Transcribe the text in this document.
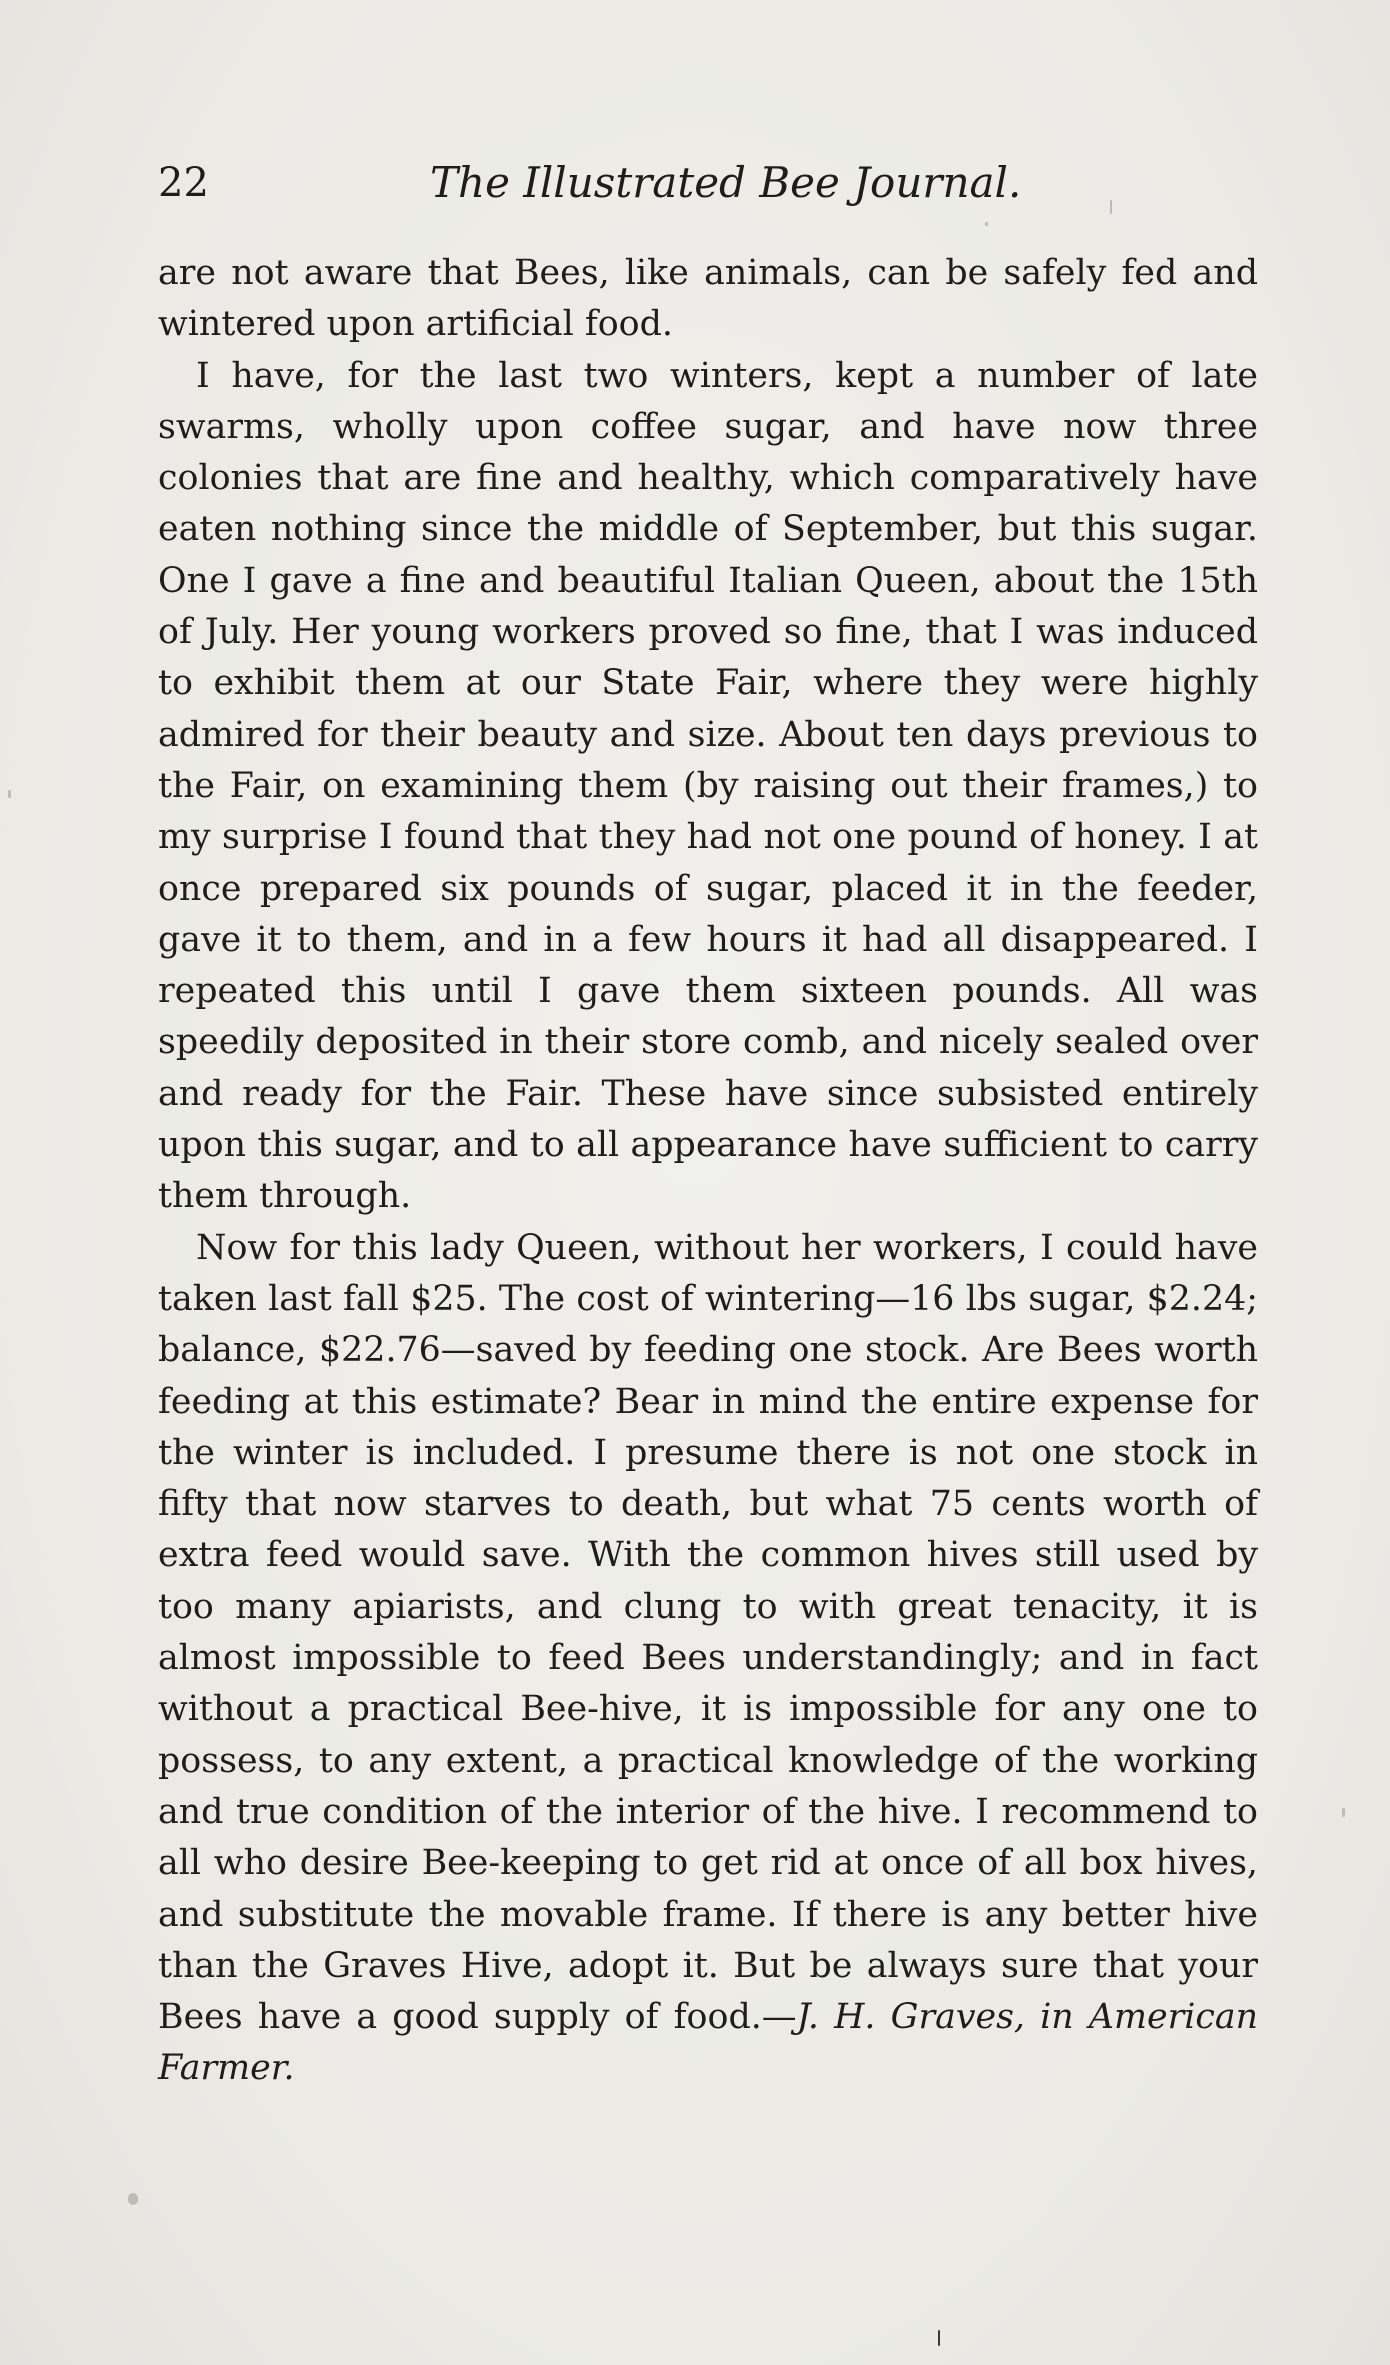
22	The Illustrated Bee Journal.

are not aware that Bees, like animals, can be safely fed and wintered upon artificial food.

I have, for the last two winters, kept a number of late swarms, wholly upon coffee sugar, and have now three colonies that are fine and healthy, which comparatively have eaten nothing since the middle of September, but this sugar. One I gave a fine and beautiful Italian Queen, about the 15th of July. Her young workers proved so fine, that I was induced to exhibit them at our State Fair, where they were highly admired for their beauty and size. About ten days previous to the Fair, on examining them (by raising out their frames,) to my surprise I found that they had not one pound of honey. I at once prepared six pounds of sugar, placed it in the feeder, gave it to them, and in a few hours it had all disappeared. I repeated this until I gave them sixteen pounds. All was speedily deposited in their store comb, and nicely sealed over and ready for the Fair. These have since subsisted entirely upon this sugar, and to all appearance have sufficient to carry them through.

Now for this lady Queen, without her workers, I could have taken last fall $25. The cost of wintering—16 lbs sugar, $2.24; balance, $22.76—saved by feeding one stock. Are Bees worth feeding at this estimate? Bear in mind the entire expense for the winter is included. I presume there is not one stock in fifty that now starves to death, but what 75 cents worth of extra feed would save. With the common hives still used by too many apiarists, and clung to with great tenacity, it is almost impossible to feed Bees understandingly; and in fact without a practical Bee-hive, it is impossible for any one to possess, to any extent, a practical knowledge of the working and true condition of the interior of the hive. I recommend to all who desire Bee-keeping to get rid at once of all box hives, and substitute the movable frame. If there is any better hive than the Graves Hive, adopt it. But be always sure that your Bees have a good supply of food.—J. H. Graves, in American Farmer.
